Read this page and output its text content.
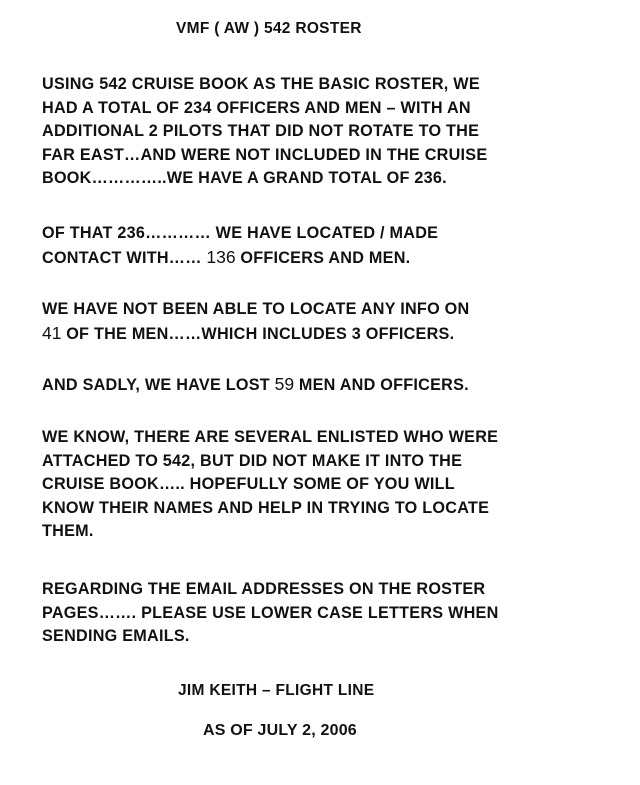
VMF ( AW ) 542 ROSTER
USING 542 CRUISE BOOK AS THE BASIC ROSTER, WE
HAD A TOTAL OF 234 OFFICERS AND MEN – WITH AN
ADDITIONAL 2 PILOTS THAT DID NOT ROTATE TO THE
FAR EAST…AND WERE NOT INCLUDED IN THE CRUISE
BOOK…………..WE HAVE A GRAND TOTAL OF 236.
OF THAT 236………… WE HAVE LOCATED / MADE
CONTACT WITH…… 136 OFFICERS AND MEN.
WE HAVE NOT BEEN ABLE TO LOCATE ANY INFO ON
41 OF THE MEN……WHICH INCLUDES 3 OFFICERS.
AND SADLY, WE HAVE LOST 59 MEN AND OFFICERS.
WE KNOW, THERE ARE SEVERAL ENLISTED WHO WERE
ATTACHED TO 542, BUT DID NOT MAKE IT INTO THE
CRUISE BOOK….. HOPEFULLY SOME OF YOU WILL
KNOW THEIR NAMES AND HELP IN TRYING TO LOCATE
THEM.
REGARDING THE EMAIL ADDRESSES ON THE ROSTER
PAGES……. PLEASE USE LOWER CASE LETTERS WHEN
SENDING EMAILS.
JIM KEITH – FLIGHT LINE
AS OF JULY 2, 2006
